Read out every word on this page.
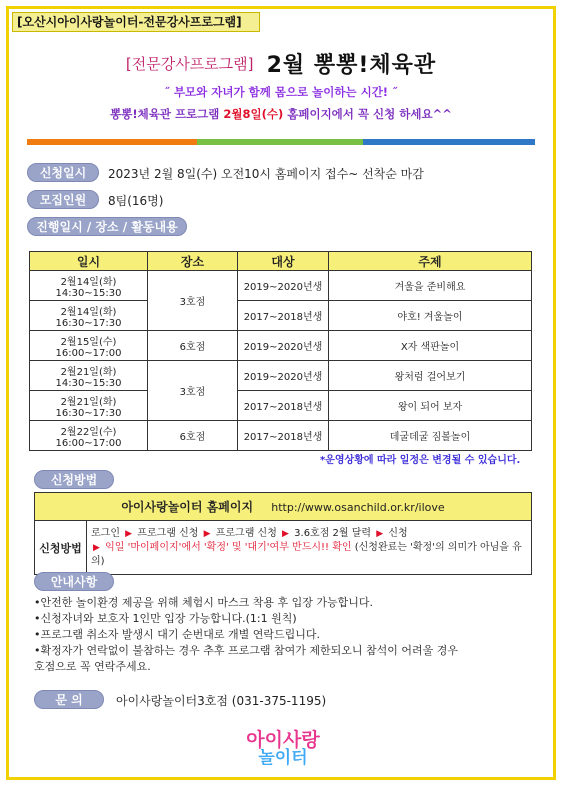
[오산시아이사랑놀이터-전문강사프로그램]
[전문강사프로그램] 2월 뽕뽕!체육관
˝ 부모와 자녀가 함께 몸으로 놀이하는 시간! ˝
뽕뽕!체육관 프로그램 2월8일(수) 홈페이지에서 꼭 신청 하세요^^
신청일시	2023년 2월 8일(수) 오전10시 홈페이지 접수~ 선착순 마감
모집인원	8팀(16명)
진행일시 / 장소 / 활동내용
일시	장소	대상	주제
2월14일(화) 14:30~15:30	3호점	2019~2020년생	겨울을 준비해요
2월14일(화) 16:30~17:30		2017~2018년생	야호! 겨울놀이
2월15일(수) 16:00~17:00	6호점	2019~2020년생	X자 색판놀이
2월21일(화) 14:30~15:30	3호점	2019~2020년생	왕처럼 걸어보기
2월21일(화) 16:30~17:30		2017~2018년생	왕이 되어 보자
2월22일(수) 16:00~17:00	6호점	2017~2018년생	데굴데굴 짐볼놀이
*운영상황에 따라 일정은 변경될 수 있습니다.
신청방법
아이사랑놀이터 홈페이지 http://www.osanchild.or.kr/ilove
신청방법	로그인 ▶ 프로그램 신청 ▶ 프로그램 신청 ▶ 3.6호점 2월 달력 ▶ 신청
▶ 익일 '마이페이지'에서 '확정' 및 '대기'여부 반드시!! 확인 (신청완료는 '확정'의 의미가 아님을 유의)
안내사항
•안전한 놀이환경 제공을 위해 체험시 마스크 착용 후 입장 가능합니다.
•신청자녀와 보호자 1인만 입장 가능합니다.(1:1 원칙)
•프로그램 취소자 발생시 대기 순번대로 개별 연락드립니다.
•확정자가 연락없이 불참하는 경우 추후 프로그램 참여가 제한되오니 참석이 어려울 경우
호점으로 꼭 연락주세요.
문 의	아이사랑놀이터3호점 (031-375-1195)
아이사랑
놀이터
